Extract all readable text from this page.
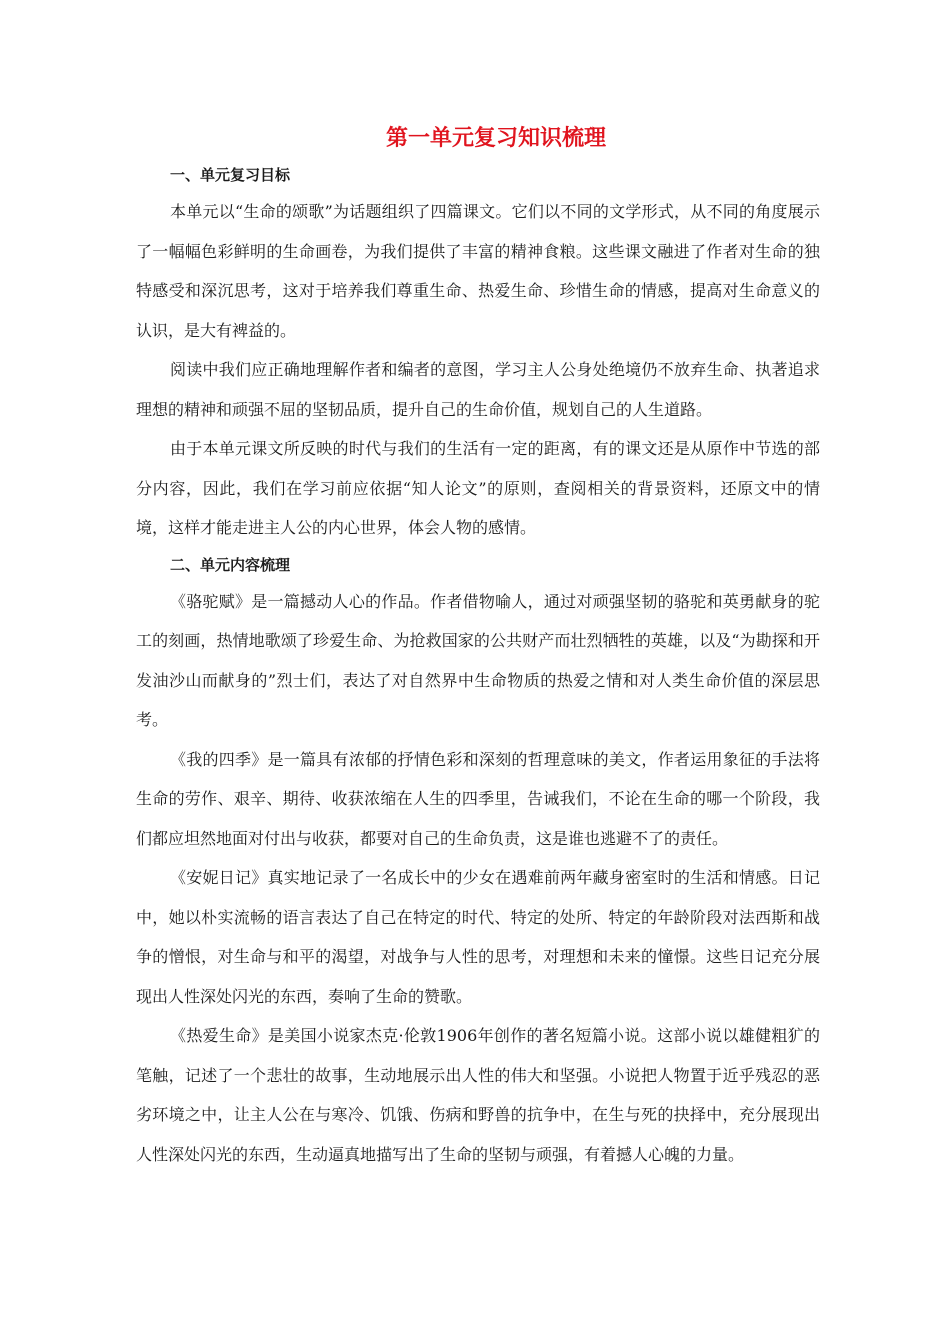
第一单元复习知识梳理
一、单元复习目标

本单元以“生命的颂歌”为话题组织了四篇课文。它们以不同的文学形式，从不同的角度展示了一幅幅色彩鲜明的生命画卷，为我们提供了丰富的精神食粮。这些课文融进了作者对生命的独特感受和深沉思考，这对于培养我们尊重生命、热爱生命、珍惜生命的情感，提高对生命意义的认识，是大有裨益的。

阅读中我们应正确地理解作者和编者的意图，学习主人公身处绝境仍不放弃生命、执著追求理想的精神和顽强不屈的坚韧品质，提升自己的生命价值，规划自己的人生道路。

由于本单元课文所反映的时代与我们的生活有一定的距离，有的课文还是从原作中节选的部分内容，因此，我们在学习前应依据“知人论文”的原则，查阅相关的背景资料，还原文中的情境，这样才能走进主人公的内心世界，体会人物的感情。

二、单元内容梳理

《骆驼赋》是一篇撼动人心的作品。作者借物喻人，通过对顽强坚韧的骆驼和英勇献身的驼工的刻画，热情地歌颂了珍爱生命、为抢救国家的公共财产而壮烈牺牲的英雄，以及“为勘探和开发油沙山而献身的”烈士们，表达了对自然界中生命物质的热爱之情和对人类生命价值的深层思考。

《我的四季》是一篇具有浓郁的抒情色彩和深刻的哲理意味的美文，作者运用象征的手法将生命的劳作、艰辛、期待、收获浓缩在人生的四季里，告诫我们，不论在生命的哪一个阶段，我们都应坦然地面对付出与收获，都要对自己的生命负责，这是谁也逃避不了的责任。

《安妮日记》真实地记录了一名成长中的少女在遇难前两年藏身密室时的生活和情感。日记中，她以朴实流畅的语言表达了自己在特定的时代、特定的处所、特定的年龄阶段对法西斯和战争的憎恨，对生命与和平的渴望，对战争与人性的思考，对理想和未来的憧憬。这些日记充分展现出人性深处闪光的东西，奏响了生命的赞歌。

《热爱生命》是美国小说家杰克·伦敦1906年创作的著名短篇小说。这部小说以雄健粗犷的笔触，记述了一个悲壮的故事，生动地展示出人性的伟大和坚强。小说把人物置于近乎残忍的恶劣环境之中，让主人公在与寒冷、饥饿、伤病和野兽的抗争中，在生与死的抉择中，充分展现出人性深处闪光的东西，生动逼真地描写出了生命的坚韧与顽强，有着撼人心魄的力量。
